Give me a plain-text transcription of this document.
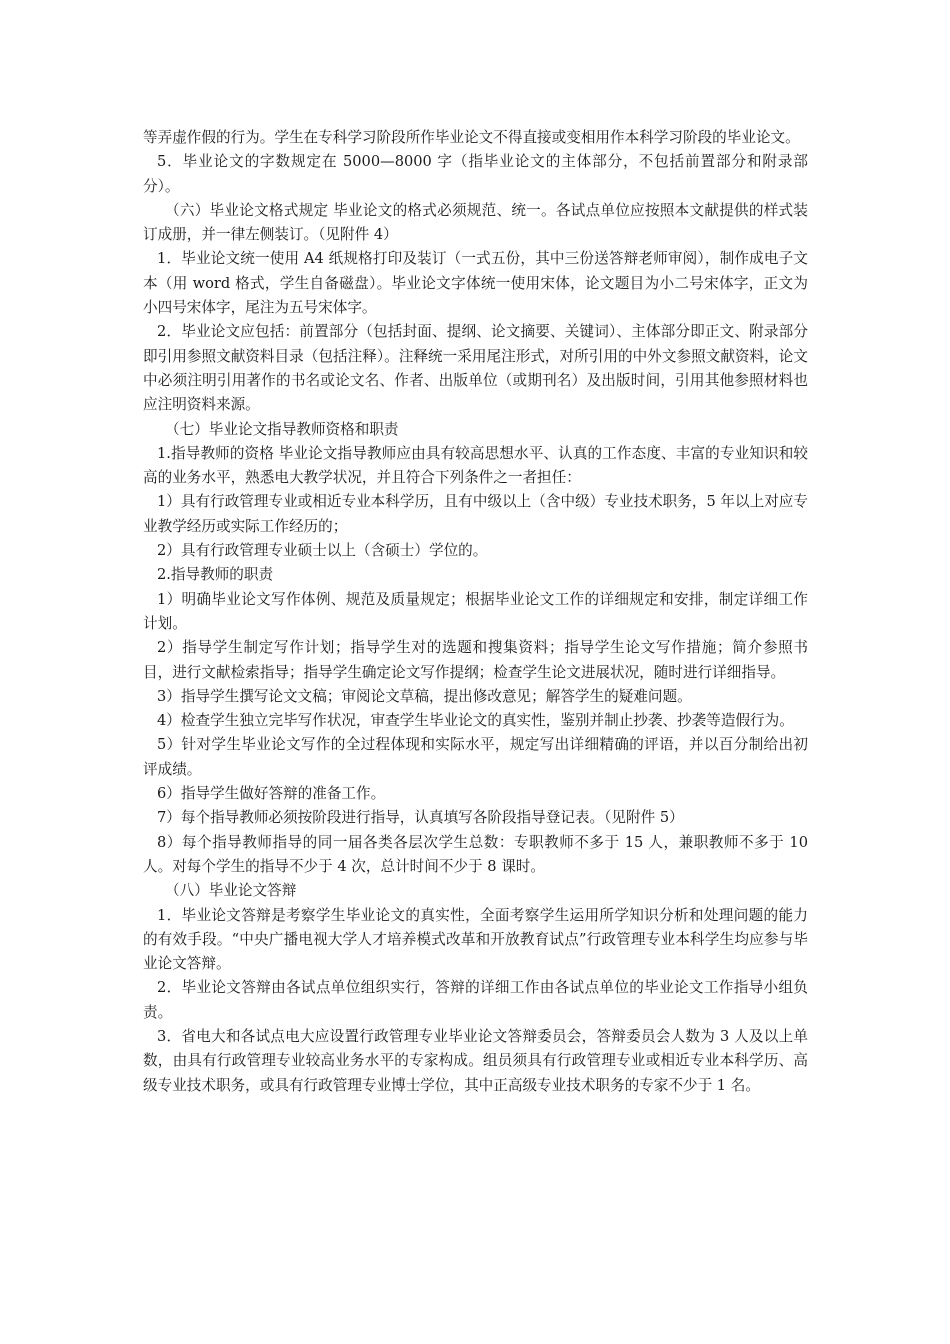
等弄虚作假的行为。学生在专科学习阶段所作毕业论文不得直接或变相用作本科学习阶段的毕业论文。

5．毕业论文的字数规定在 5000—8000 字（指毕业论文的主体部分，不包括前置部分和附录部分）。

（六）毕业论文格式规定 毕业论文的格式必须规范、统一。各试点单位应按照本文献提供的样式装订成册，并一律左侧装订。（见附件 4）

1．毕业论文统一使用 A4 纸规格打印及装订（一式五份，其中三份送答辩老师审阅），制作成电子文本（用 word 格式，学生自备磁盘）。毕业论文字体统一使用宋体，论文题目为小二号宋体字，正文为小四号宋体字，尾注为五号宋体字。

2．毕业论文应包括：前置部分（包括封面、提纲、论文摘要、关键词）、主体部分即正文、附录部分即引用参照文献资料目录（包括注释）。注释统一采用尾注形式，对所引用的中外文参照文献资料，论文中必须注明引用著作的书名或论文名、作者、出版单位（或期刊名）及出版时间，引用其他参照材料也应注明资料来源。

（七）毕业论文指导教师资格和职责

1.指导教师的资格 毕业论文指导教师应由具有较高思想水平、认真的工作态度、丰富的专业知识和较高的业务水平，熟悉电大教学状况，并且符合下列条件之一者担任：

1）具有行政管理专业或相近专业本科学历，且有中级以上（含中级）专业技术职务，5 年以上对应专业教学经历或实际工作经历的；

2）具有行政管理专业硕士以上（含硕士）学位的。

2.指导教师的职责

1）明确毕业论文写作体例、规范及质量规定；根据毕业论文工作的详细规定和安排，制定详细工作计划。

2）指导学生制定写作计划；指导学生对的选题和搜集资料；指导学生论文写作措施；简介参照书目，进行文献检索指导；指导学生确定论文写作提纲；检查学生论文进展状况，随时进行详细指导。

3）指导学生撰写论文文稿；审阅论文草稿，提出修改意见；解答学生的疑难问题。

4）检查学生独立完毕写作状况，审查学生毕业论文的真实性，鉴别并制止抄袭、抄袭等造假行为。

5）针对学生毕业论文写作的全过程体现和实际水平，规定写出详细精确的评语，并以百分制给出初评成绩。

6）指导学生做好答辩的准备工作。

7）每个指导教师必须按阶段进行指导，认真填写各阶段指导登记表。（见附件 5）

8）每个指导教师指导的同一届各类各层次学生总数：专职教师不多于 15 人，兼职教师不多于 10 人。对每个学生的指导不少于 4 次，总计时间不少于 8 课时。

（八）毕业论文答辩

1．毕业论文答辩是考察学生毕业论文的真实性，全面考察学生运用所学知识分析和处理问题的能力的有效手段。“中央广播电视大学人才培养模式改革和开放教育试点”行政管理专业本科学生均应参与毕业论文答辩。

2．毕业论文答辩由各试点单位组织实行，答辩的详细工作由各试点单位的毕业论文工作指导小组负责。

3．省电大和各试点电大应设置行政管理专业毕业论文答辩委员会，答辩委员会人数为 3 人及以上单数，由具有行政管理专业较高业务水平的专家构成。组员须具有行政管理专业或相近专业本科学历、高级专业技术职务，或具有行政管理专业博士学位，其中正高级专业技术职务的专家不少于 1 名。
